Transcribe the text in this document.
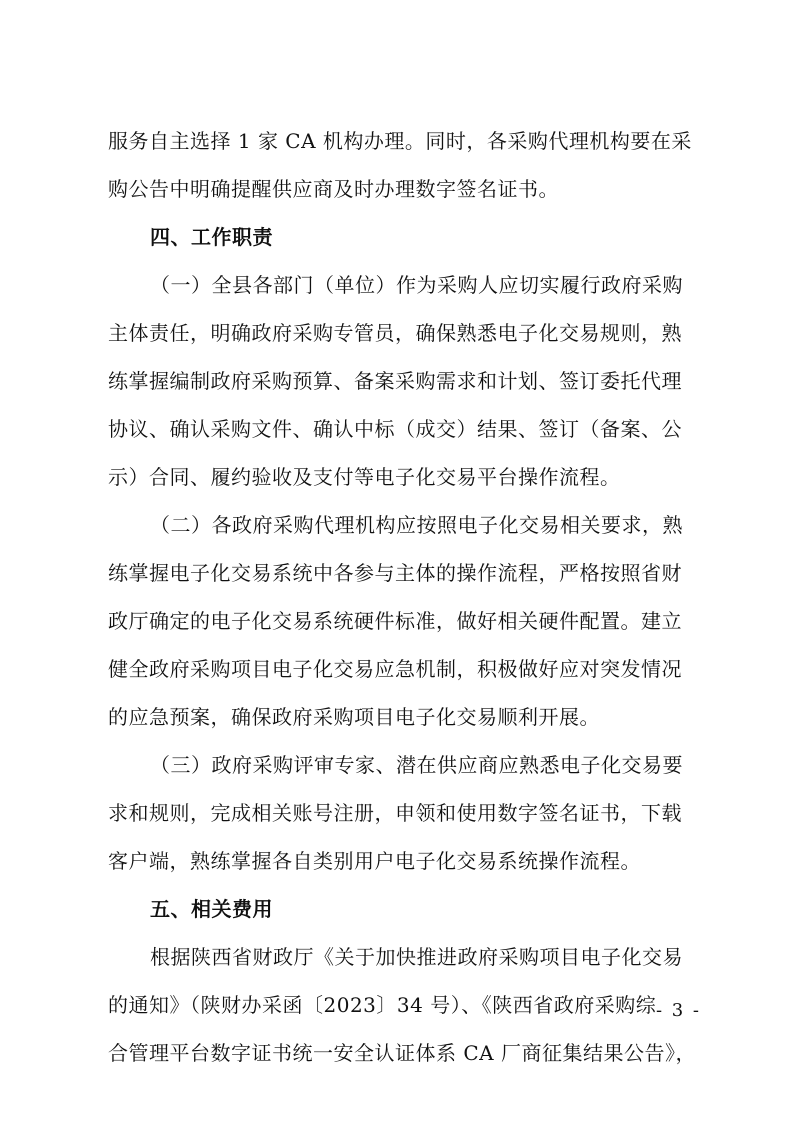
服务自主选择 1 家 CA 机构办理。同时，各采购代理机构要在采
购公告中明确提醒供应商及时办理数字签名证书。
四、工作职责
（一）全县各部门（单位）作为采购人应切实履行政府采购
主体责任，明确政府采购专管员，确保熟悉电子化交易规则，熟
练掌握编制政府采购预算、备案采购需求和计划、签订委托代理
协议、确认采购文件、确认中标（成交）结果、签订（备案、公
示）合同、履约验收及支付等电子化交易平台操作流程。
（二）各政府采购代理机构应按照电子化交易相关要求，熟
练掌握电子化交易系统中各参与主体的操作流程，严格按照省财
政厅确定的电子化交易系统硬件标准，做好相关硬件配置。建立
健全政府采购项目电子化交易应急机制，积极做好应对突发情况
的应急预案，确保政府采购项目电子化交易顺利开展。
（三）政府采购评审专家、潜在供应商应熟悉电子化交易要
求和规则，完成相关账号注册，申领和使用数字签名证书，下载
客户端，熟练掌握各自类别用户电子化交易系统操作流程。
五、相关费用
根据陕西省财政厅《关于加快推进政府采购项目电子化交易
的通知》（陕财办采函〔2023〕34 号）、《陕西省政府采购综
合管理平台数字证书统一安全认证体系 CA 厂商征集结果公告》，
- 3 -
